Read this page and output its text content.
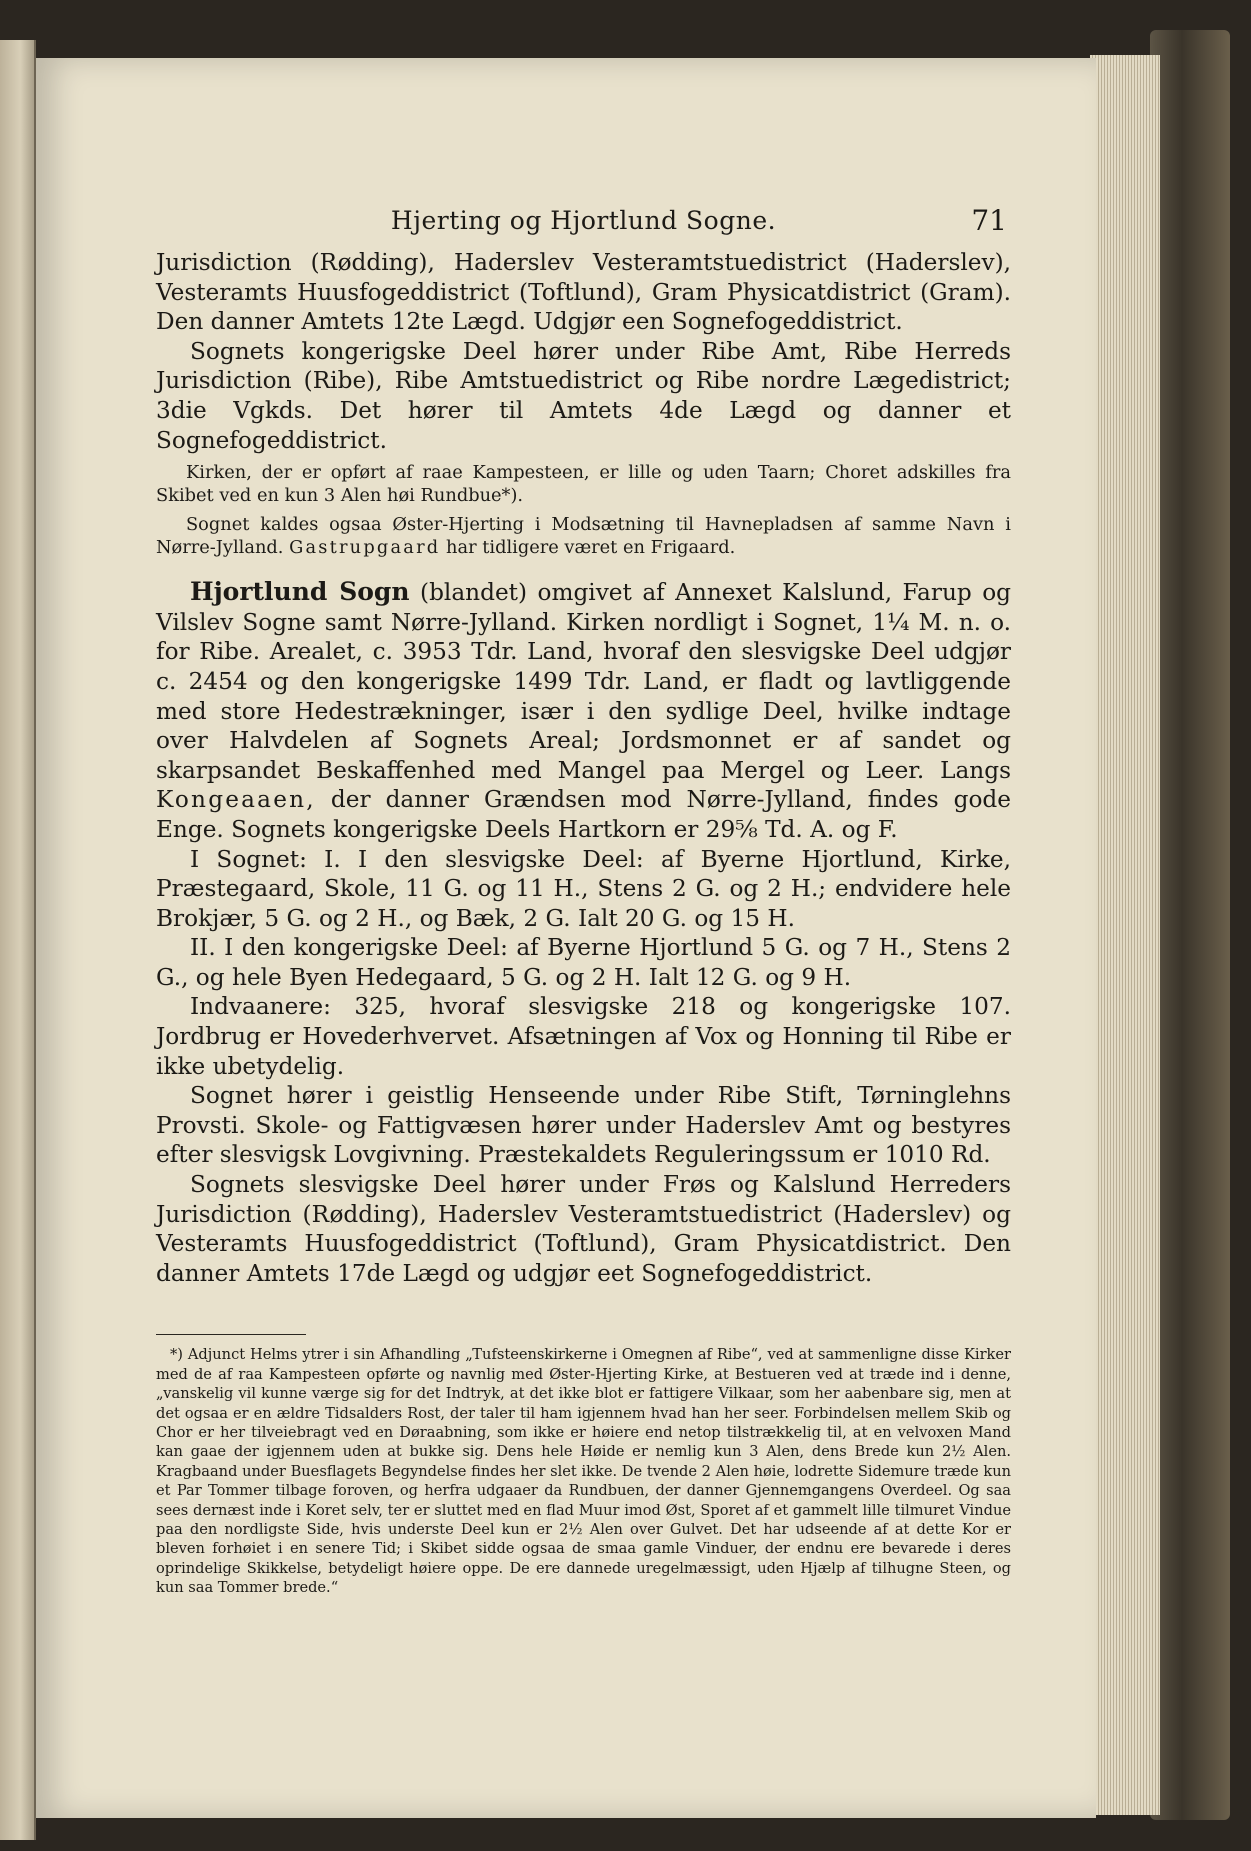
Hjerting og Hjortlund Sogne.	71

Jurisdiction (Rødding), Haderslev Vesteramtstuedistrict (Haderslev), Vesteramts Huusfogeddistrict (Toftlund), Gram Physicatdistrict (Gram). Den danner Amtets 12te Lægd. Udgjør een Sognefogeddistrict.

Sognets kongerigske Deel hører under Ribe Amt, Ribe Herreds Jurisdiction (Ribe), Ribe Amtstuedistrict og Ribe nordre Lægedistrict; 3die Vgkds. Det hører til Amtets 4de Lægd og danner et Sognefogeddistrict.

Kirken, der er opført af raae Kampesteen, er lille og uden Taarn; Choret adskilles fra Skibet ved en kun 3 Alen høi Rundbue*).

Sognet kaldes ogsaa Øster-Hjerting i Modsætning til Havnepladsen af samme Navn i Nørre-Jylland. Gastrupgaard har tidligere været en Frigaard.

Hjortlund Sogn (blandet) omgivet af Annexet Kalslund, Farup og Vilslev Sogne samt Nørre-Jylland. Kirken nordligt i Sognet, 1¼ M. n. o. for Ribe. Arealet, c. 3953 Tdr. Land, hvoraf den slesvigske Deel udgjør c. 2454 og den kongerigske 1499 Tdr. Land, er fladt og lavtliggende med store Hedestrækninger, især i den sydlige Deel, hvilke indtage over Halvdelen af Sognets Areal; Jordsmonnet er af sandet og skarpsandet Beskaffenhed med Mangel paa Mergel og Leer. Langs Kongeaaen, der danner Grændsen mod Nørre-Jylland, findes gode Enge. Sognets kongerigske Deels Hartkorn er 29⅝ Td. A. og F.

I Sognet: I. I den slesvigske Deel: af Byerne Hjortlund, Kirke, Præstegaard, Skole, 11 G. og 11 H., Stens 2 G. og 2 H.; endvidere hele Brokjær, 5 G. og 2 H., og Bæk, 2 G. Ialt 20 G. og 15 H.

II. I den kongerigske Deel: af Byerne Hjortlund 5 G. og 7 H., Stens 2 G., og hele Byen Hedegaard, 5 G. og 2 H. Ialt 12 G. og 9 H.

Indvaanere: 325, hvoraf slesvigske 218 og kongerigske 107. Jordbrug er Hovederhvervet. Afsætningen af Vox og Honning til Ribe er ikke ubetydelig.

Sognet hører i geistlig Henseende under Ribe Stift, Tørninglehns Provsti. Skole- og Fattigvæsen hører under Haderslev Amt og bestyres efter slesvigsk Lovgivning. Præstekaldets Reguleringssum er 1010 Rd.

Sognets slesvigske Deel hører under Frøs og Kalslund Herreders Jurisdiction (Rødding), Haderslev Vesteramtstuedistrict (Haderslev) og Vesteramts Huusfogeddistrict (Toftlund), Gram Physicatdistrict. Den danner Amtets 17de Lægd og udgjør eet Sognefogeddistrict.

*) Adjunct Helms ytrer i sin Afhandling „Tufsteenskirkerne i Omegnen af Ribe“, ved at sammenligne disse Kirker med de af raa Kampesteen opførte og navnlig med Øster-Hjerting Kirke, at Bestueren ved at træde ind i denne, „vanskelig vil kunne værge sig for det Indtryk, at det ikke blot er fattigere Vilkaar, som her aabenbare sig, men at det ogsaa er en ældre Tidsalders Rost, der taler til ham igjennem hvad han her seer. Forbindelsen mellem Skib og Chor er her tilveiebragt ved en Døraabning, som ikke er høiere end netop tilstrækkelig til, at en velvoxen Mand kan gaae der igjennem uden at bukke sig. Dens hele Høide er nemlig kun 3 Alen, dens Brede kun 2½ Alen. Kragbaand under Buesflagets Begyndelse findes her slet ikke. De tvende 2 Alen høie, lodrette Sidemure træde kun et Par Tommer tilbage foroven, og herfra udgaaer da Rundbuen, der danner Gjennemgangens Overdeel. Og saa sees dernæst inde i Koret selv, ter er sluttet med en flad Muur imod Øst, Sporet af et gammelt lille tilmuret Vindue paa den nordligste Side, hvis underste Deel kun er 2½ Alen over Gulvet. Det har udseende af at dette Kor er bleven forhøiet i en senere Tid; i Skibet sidde ogsaa de smaa gamle Vinduer, der endnu ere bevarede i deres oprindelige Skikkelse, betydeligt høiere oppe. De ere dannede uregelmæssigt, uden Hjælp af tilhugne Steen, og kun saa Tommer brede.“
